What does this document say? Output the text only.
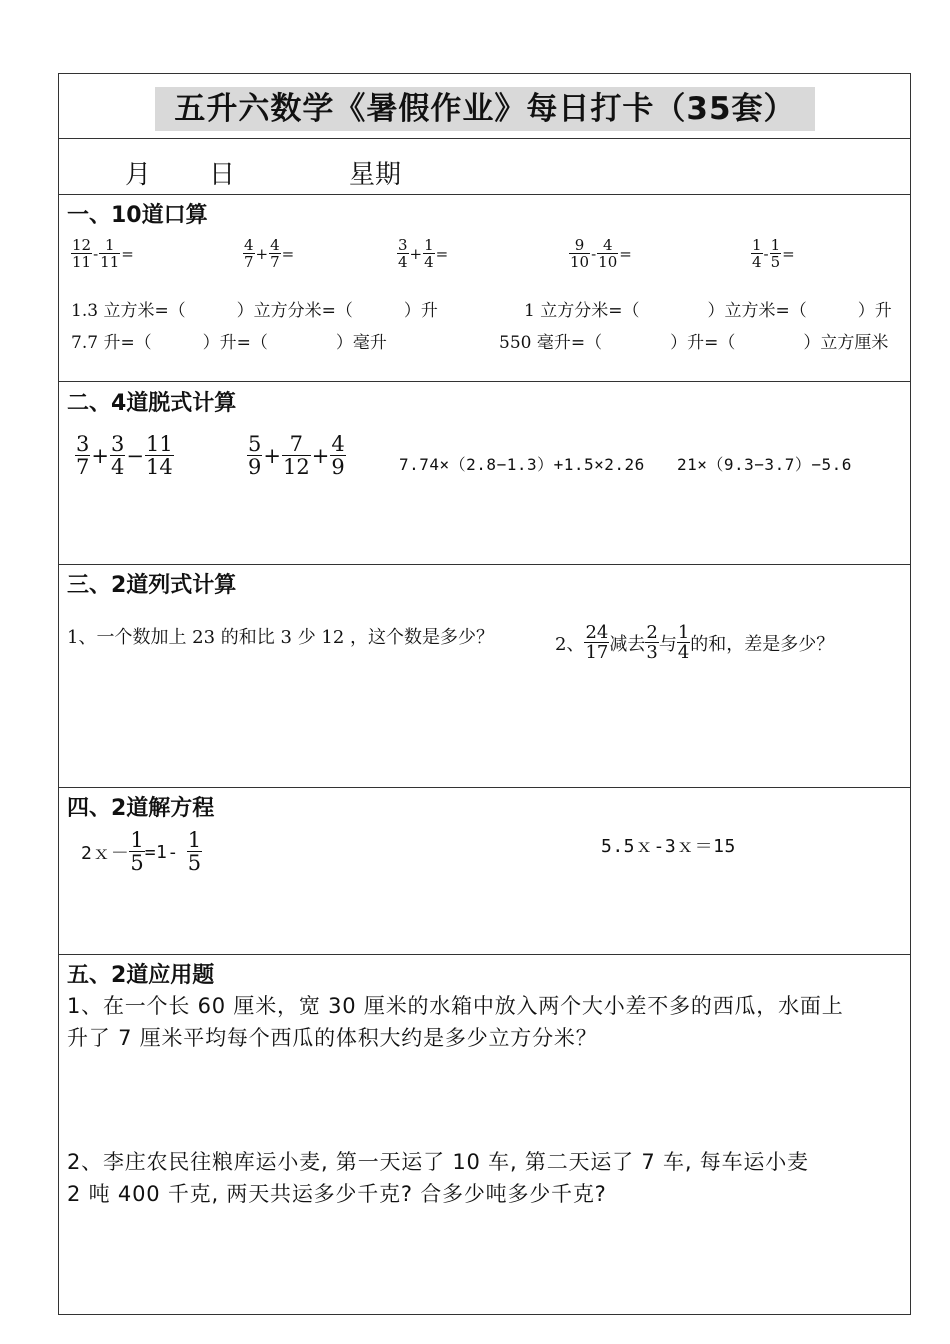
五升六数学《暑假作业》每日打卡（35套）
月 日	星期
一、10道口算
$\frac{12}{11} - \frac{1}{11}$ =	$\frac{4}{7} + \frac{4}{7}$ =	$\frac{3}{4} + \frac{1}{4}$ =	$\frac{9}{10} - \frac{4}{10}$ =	$\frac{1}{4} - \frac{1}{5}$ =
1.3 立方米=（　　　）立方分米=（　　　）升	1 立方分米=（　　　　）立方米=（　　　）升
7.7 升=（　　　）升=（　　　　）毫升	550 毫升=（　　　　）升=（　　　　）立方厘米
二、4道脱式计算
$\frac{3}{7} + \frac{3}{4} - \frac{11}{14}$	$\frac{5}{9} + \frac{7}{12} + \frac{4}{9}$	7.74×（2.8−1.3）+1.5×2.26 21×（9.3−3.7）−5.6
三、2道列式计算
1、一个数加上 23 的和比 3 少 12 ，这个数是多少？	2、 $\frac{24}{17}$ 减去 $\frac{2}{3}$ 与 $\frac{1}{4}$ 的和，差是多少？
四、2道解方程
2ｘ－ $\frac{1}{5} =1- \frac{1}{5}$	5.5ｘ-3ｘ＝15
五、2道应用题
1、在一个长 60 厘米，宽 30 厘米的水箱中放入两个大小差不多的西瓜，水面上
升了 7 厘米平均每个西瓜的体积大约是多少立方分米？
2、李庄农民往粮库运小麦, 第一天运了 10 车, 第二天运了 7 车, 每车运小麦
2 吨 400 千克, 两天共运多少千克? 合多少吨多少千克?
